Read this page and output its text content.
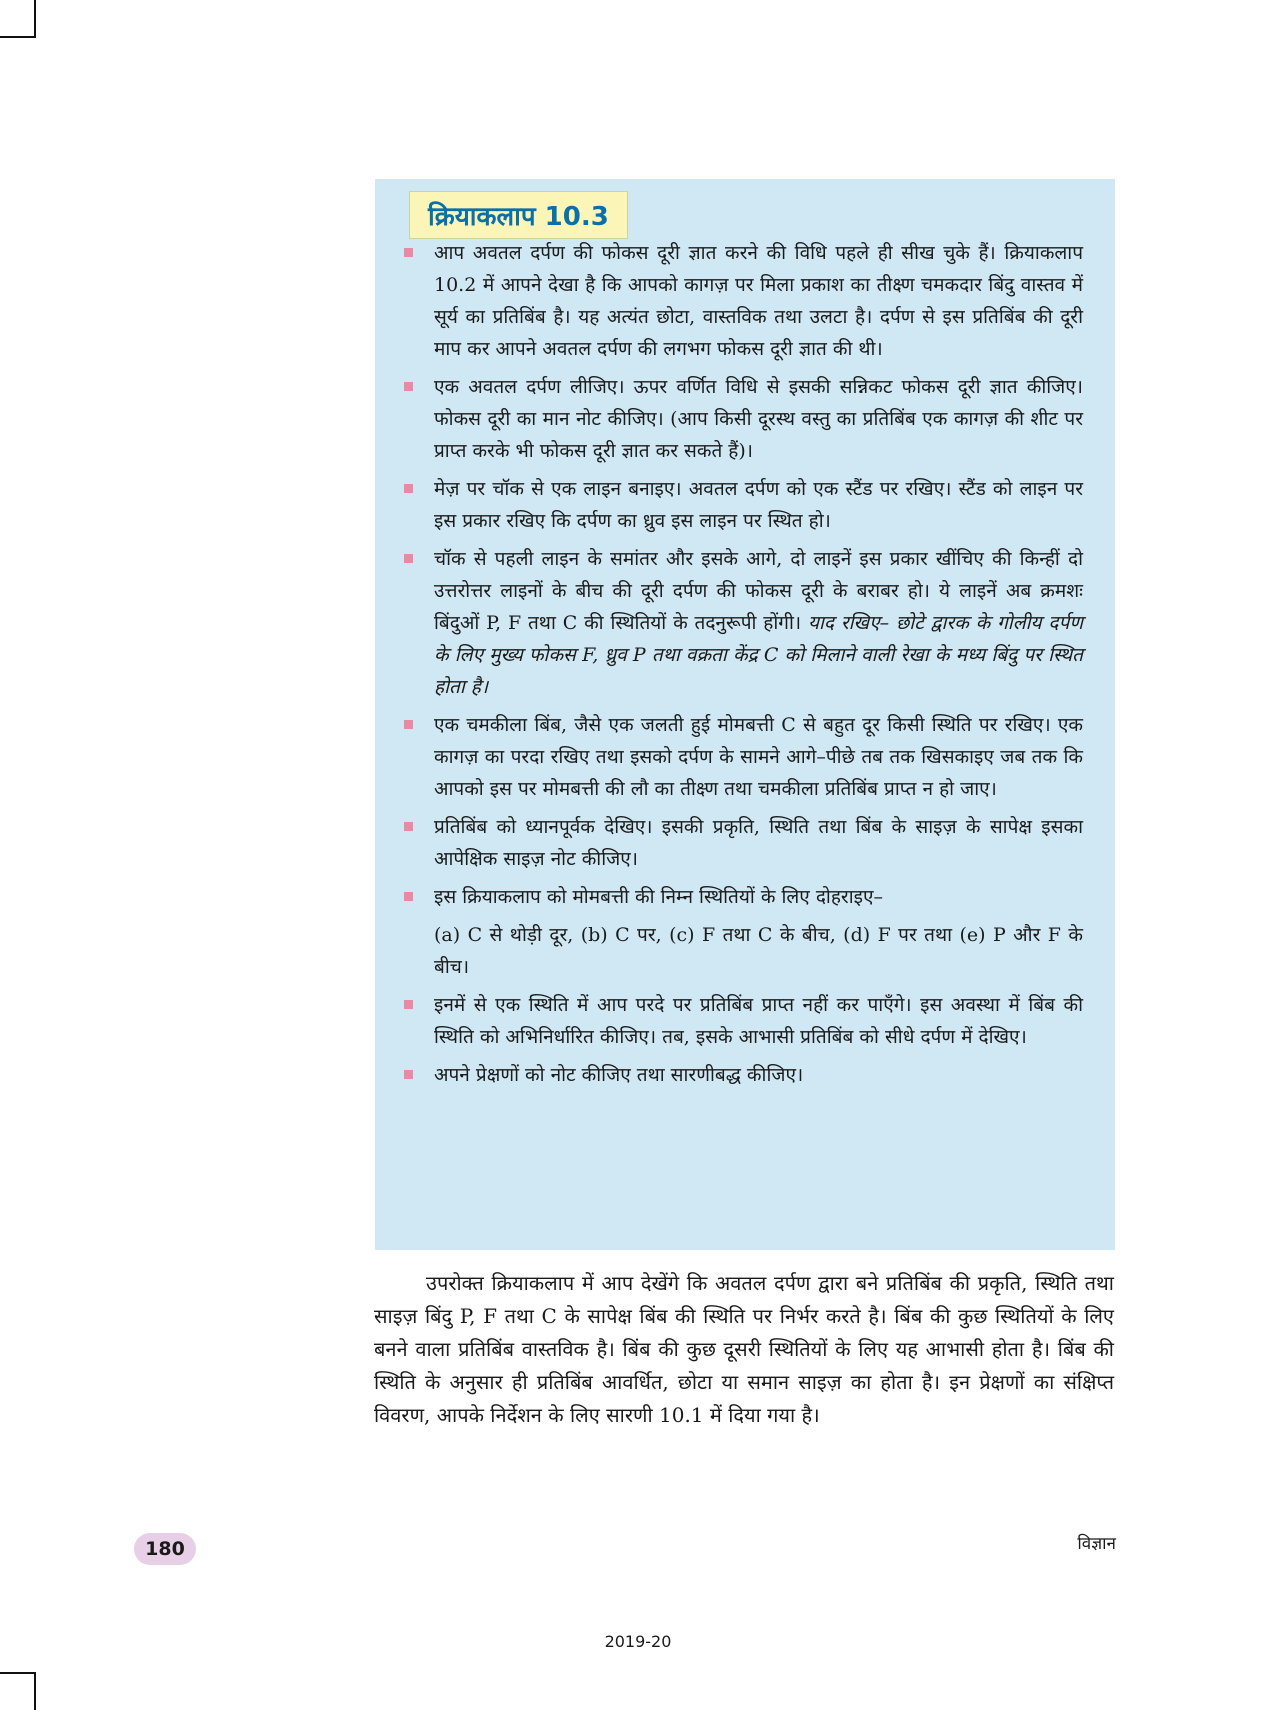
क्रियाकलाप 10.3
आप अवतल दर्पण की फोकस दूरी ज्ञात करने की विधि पहले ही सीख चुके हैं। क्रियाकलाप 10.2 में आपने देखा है कि आपको कागज़ पर मिला प्रकाश का तीक्ष्ण चमकदार बिंदु वास्तव में सूर्य का प्रतिबिंब है। यह अत्यंत छोटा, वास्तविक तथा उलटा है। दर्पण से इस प्रतिबिंब की दूरी माप कर आपने अवतल दर्पण की लगभग फोकस दूरी ज्ञात की थी।
एक अवतल दर्पण लीजिए। ऊपर वर्णित विधि से इसकी सन्निकट फोकस दूरी ज्ञात कीजिए। फोकस दूरी का मान नोट कीजिए। (आप किसी दूरस्थ वस्तु का प्रतिबिंब एक कागज़ की शीट पर प्राप्त करके भी फोकस दूरी ज्ञात कर सकते हैं)।
मेज़ पर चॉक से एक लाइन बनाइए। अवतल दर्पण को एक स्टैंड पर रखिए। स्टैंड को लाइन पर इस प्रकार रखिए कि दर्पण का ध्रुव इस लाइन पर स्थित हो।
चॉक से पहली लाइन के समांतर और इसके आगे, दो लाइनें इस प्रकार खींचिए की किन्हीं दो उत्तरोत्तर लाइनों के बीच की दूरी दर्पण की फोकस दूरी के बराबर हो। ये लाइनें अब क्रमशः बिंदुओं P, F तथा C की स्थितियों के तदनुरूपी होंगी। याद रखिए– छोटे द्वारक के गोलीय दर्पण के लिए मुख्य फोकस F, ध्रुव P तथा वक्रता केंद्र C को मिलाने वाली रेखा के मध्य बिंदु पर स्थित होता है।
एक चमकीला बिंब, जैसे एक जलती हुई मोमबत्ती C से बहुत दूर किसी स्थिति पर रखिए। एक कागज़ का परदा रखिए तथा इसको दर्पण के सामने आगे–पीछे तब तक खिसकाइए जब तक कि आपको इस पर मोमबत्ती की लौ का तीक्ष्ण तथा चमकीला प्रतिबिंब प्राप्त न हो जाए।
प्रतिबिंब को ध्यानपूर्वक देखिए। इसकी प्रकृति, स्थिति तथा बिंब के साइज़ के सापेक्ष इसका आपेक्षिक साइज़ नोट कीजिए।
इस क्रियाकलाप को मोमबत्ती की निम्न स्थितियों के लिए दोहराइए–
(a) C से थोड़ी दूर, (b) C पर, (c) F तथा C के बीच, (d) F पर तथा (e) P और F के बीच।
इनमें से एक स्थिति में आप परदे पर प्रतिबिंब प्राप्त नहीं कर पाएँगे। इस अवस्था में बिंब की स्थिति को अभिनिर्धारित कीजिए। तब, इसके आभासी प्रतिबिंब को सीधे दर्पण में देखिए।
अपने प्रेक्षणों को नोट कीजिए तथा सारणीबद्ध कीजिए।

उपरोक्त क्रियाकलाप में आप देखेंगे कि अवतल दर्पण द्वारा बने प्रतिबिंब की प्रकृति, स्थिति तथा साइज़ बिंदु P, F तथा C के सापेक्ष बिंब की स्थिति पर निर्भर करते है। बिंब की कुछ स्थितियों के लिए बनने वाला प्रतिबिंब वास्तविक है। बिंब की कुछ दूसरी स्थितियों के लिए यह आभासी होता है। बिंब की स्थिति के अनुसार ही प्रतिबिंब आवर्धित, छोटा या समान साइज़ का होता है। इन प्रेक्षणों का संक्षिप्त विवरण, आपके निर्देशन के लिए सारणी 10.1 में दिया गया है।

180	विज्ञान
2019-20
